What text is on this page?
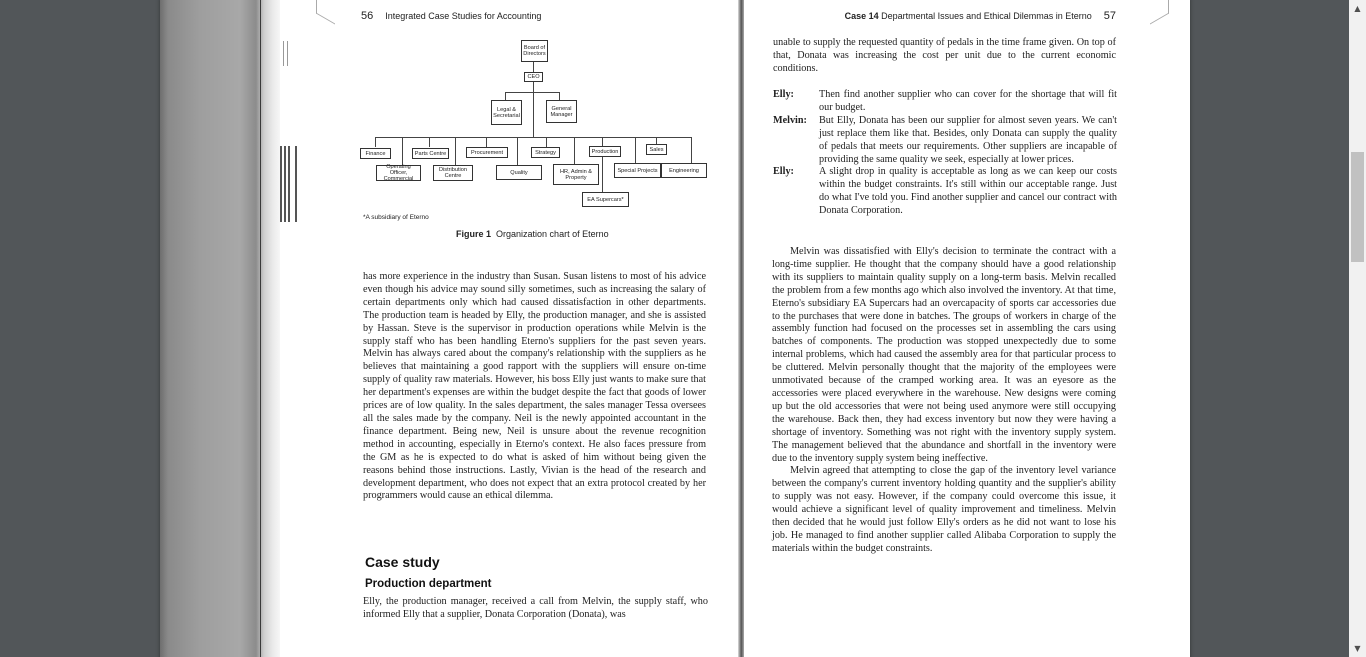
56 Integrated Case Studies for Accounting
Board of Directors
CEO
Legal & Secretarial
General Manager
Finance	Parts Centre	Procurement	Strategy	Production	Sales
Operating Officer, Commercial
Distribution Centre
Quality	HR, Admin & Property
Special Projects	Engineering
EA Supercars*
*A subsidiary of Eterno
Figure 1 Organization chart of Eterno
has more experience in the industry than Susan. Susan listens to most of his advice even though his advice may sound silly sometimes, such as increasing the salary of certain departments only which had caused dissatisfaction in other departments. The production team is headed by Elly, the production manager, and she is assisted by Hassan. Steve is the supervisor in production operations while Melvin is the supply staff who has been handling Eterno's suppliers for the past seven years. Melvin has always cared about the company's relationship with the suppliers as he believes that maintaining a good rapport with the suppliers will ensure on-time supply of quality raw materials. However, his boss Elly just wants to make sure that her department's expenses are within the budget despite the fact that goods of lower prices are of low quality. In the sales department, the sales manager Tessa oversees all the sales made by the company. Neil is the newly appointed accountant in the finance department. Being new, Neil is unsure about the revenue recognition method in accounting, especially in Eterno's context. He also faces pressure from the GM as he is expected to do what is asked of him without being given the reasons behind those instructions. Lastly, Vivian is the head of the research and development department, who does not expect that an extra protocol created by her programmers would cause an ethical dilemma.
Case study
Production department
Elly, the production manager, received a call from Melvin, the supply staff, who informed Elly that a supplier, Donata Corporation (Donata), was
Case 14 Departmental Issues and Ethical Dilemmas in Eterno 57
unable to supply the requested quantity of pedals in the time frame given. On top of that, Donata was increasing the cost per unit due to the current economic conditions.
Elly:	Then find another supplier who can cover for the shortage that will fit our budget.
Melvin:	But Elly, Donata has been our supplier for almost seven years. We can't just replace them like that. Besides, only Donata can supply the quality of pedals that meets our requirements. Other suppliers are incapable of providing the same quality we seek, especially at lower prices.
Elly:	A slight drop in quality is acceptable as long as we can keep our costs within the budget constraints. It's still within our acceptable range. Just do what I've told you. Find another supplier and cancel our contract with Donata Corporation.
Melvin was dissatisfied with Elly's decision to terminate the contract with a long-time supplier. He thought that the company should have a good relationship with its suppliers to maintain quality supply on a long-term basis. Melvin recalled the problem from a few months ago which also involved the inventory. At that time, Eterno's subsidiary EA Supercars had an overcapacity of sports car accessories due to the purchases that were done in batches. The groups of workers in charge of the assembly function had focused on the processes set in assembling the cars using batches of components. The production was stopped unexpectedly due to some internal problems, which had caused the assembly area for that particular process to be cluttered. Melvin personally thought that the majority of the employees were unmotivated because of the cramped working area. It was an eyesore as the accessories were placed everywhere in the warehouse. New designs were coming up but the old accessories that were not being used anymore were still occupying the warehouse. Back then, they had excess inventory but now they were having a shortage of inventory. Something was not right with the inventory supply system. The management believed that the abundance and shortfall in the inventory were due to the inventory supply system being ineffective.
Melvin agreed that attempting to close the gap of the inventory level variance between the company's current inventory holding quantity and the supplier's ability to supply was not easy. However, if the company could overcome this issue, it would achieve a significant level of quality improvement and timeliness. Melvin then decided that he would just follow Elly's orders as he did not want to lose his job. He managed to find another supplier called Alibaba Corporation to supply the materials within the budget constraints.
▲
▼
